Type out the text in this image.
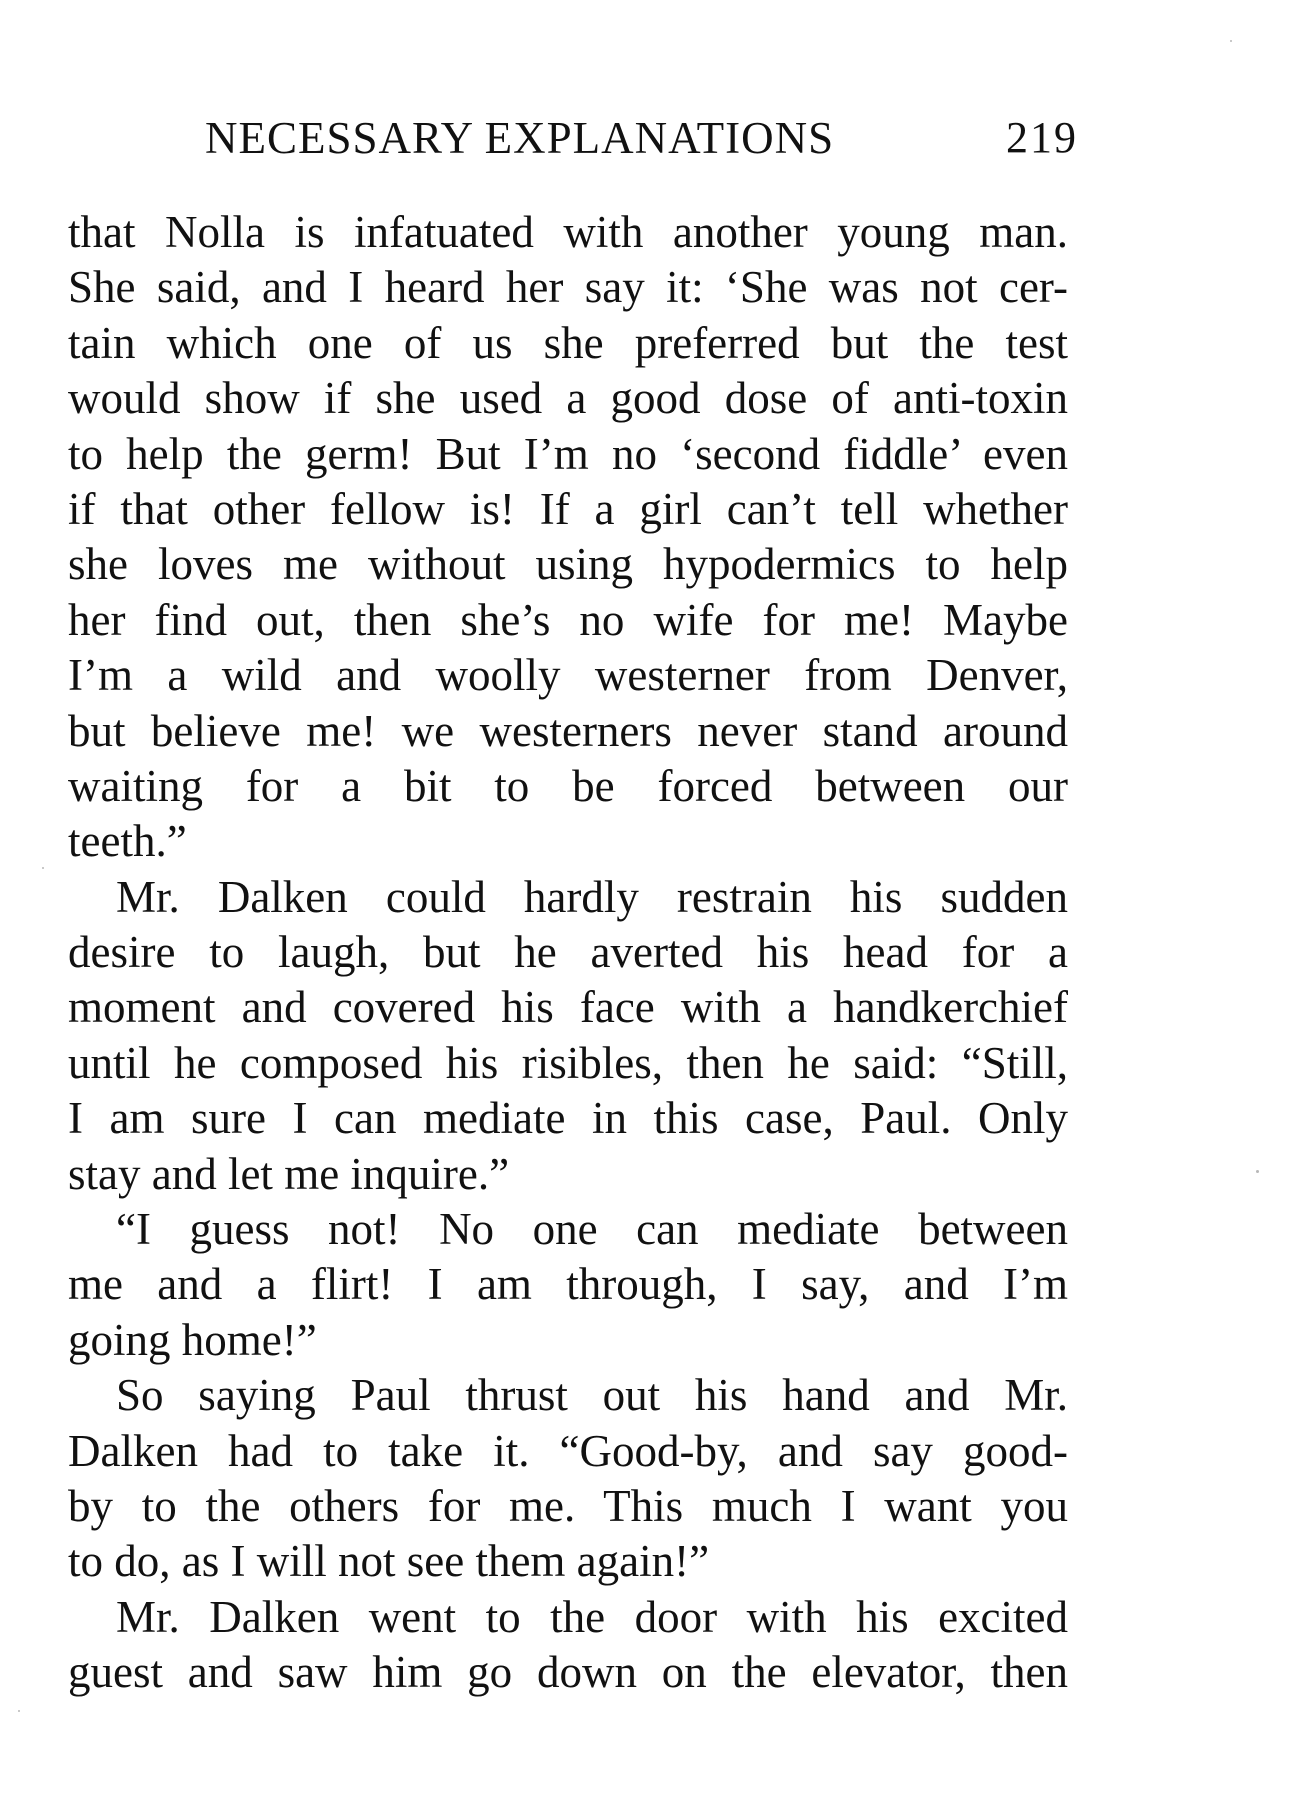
NECESSARY EXPLANATIONS	219
that Nolla is infatuated with another young man.
She said, and I heard her say it: ‘She was not cer-
tain which one of us she preferred but the test
would show if she used a good dose of anti-toxin
to help the germ! But I’m no ‘second fiddle’ even
if that other fellow is! If a girl can’t tell whether
she loves me without using hypodermics to help
her find out, then she’s no wife for me! Maybe
I’m a wild and woolly westerner from Denver,
but believe me! we westerners never stand around
waiting for a bit to be forced between our
teeth.”
Mr. Dalken could hardly restrain his sudden
desire to laugh, but he averted his head for a
moment and covered his face with a handkerchief
until he composed his risibles, then he said: “Still,
I am sure I can mediate in this case, Paul. Only
stay and let me inquire.”
“I guess not! No one can mediate between
me and a flirt! I am through, I say, and I’m
going home!”
So saying Paul thrust out his hand and Mr.
Dalken had to take it. “Good-by, and say good-
by to the others for me. This much I want you
to do, as I will not see them again!”
Mr. Dalken went to the door with his excited
guest and saw him go down on the elevator, then
